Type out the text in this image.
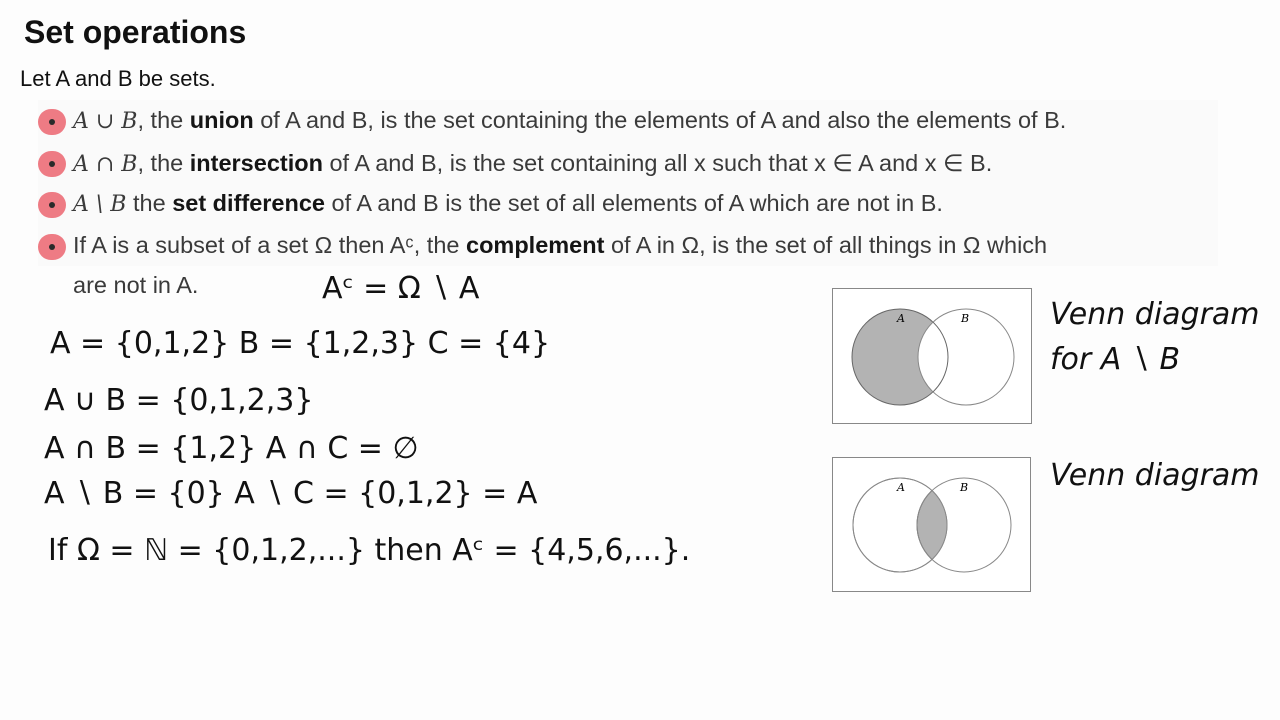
Set operations
Let A and B be sets.
A ∪ B, the union of A and B, is the set containing the elements of A and also the elements of B.
A ∩ B, the intersection of A and B, is the set containing all x such that x ∈ A and x ∈ B.
A \ B the set difference of A and B is the set of all elements of A which are not in B.
If A is a subset of a set Ω then Aᶜ, the complement of A in Ω, is the set of all things in Ω which
are not in A.
A	B
A	B
Aᶜ = Ω ∖ A
A = {0,1,2} B = {1,2,3} C = {4}
A ∪ B = {0,1,2,3}
A ∩ B = {1,2} A ∩ C = ∅
A ∖ B = {0} A ∖ C = {0,1,2} = A
If Ω = ℕ = {0,1,2,...} then Aᶜ = {4,5,6,...}.
Venn diagram
for A ∖ B
Venn diagram
